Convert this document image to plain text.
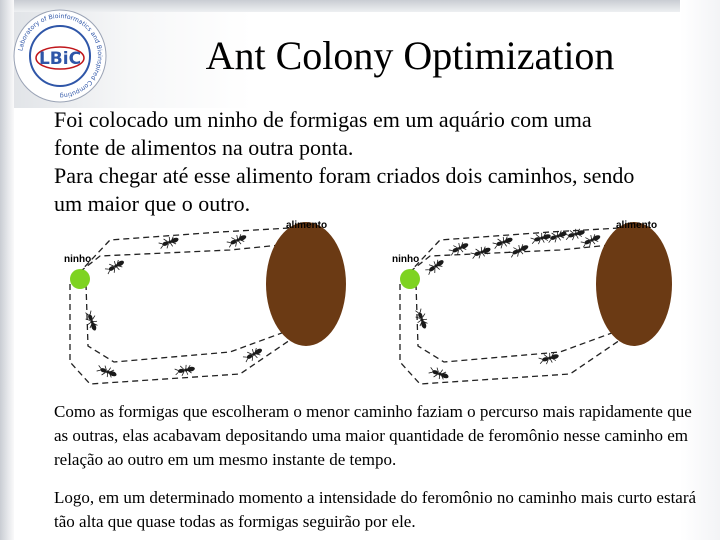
Laboratory of Bioinformatics and Bioinspired Computing
LBiC	Ant Colony Optimization

Foi colocado um ninho de formigas em um aquário com uma
fonte de alimentos na outra ponta.
Para chegar até esse alimento foram criados dois caminhos, sendo
um maior que o outro.

ninho
alimento
ninho
alimento

Como as formigas que escolheram o menor caminho faziam o percurso mais rapidamente que as outras, elas acabavam depositando uma maior quantidade de feromônio nesse caminho em relação ao outro em um mesmo instante de tempo.

Logo, em um determinado momento a intensidade do feromônio no caminho mais curto estará tão alta que quase todas as formigas seguirão por ele.
